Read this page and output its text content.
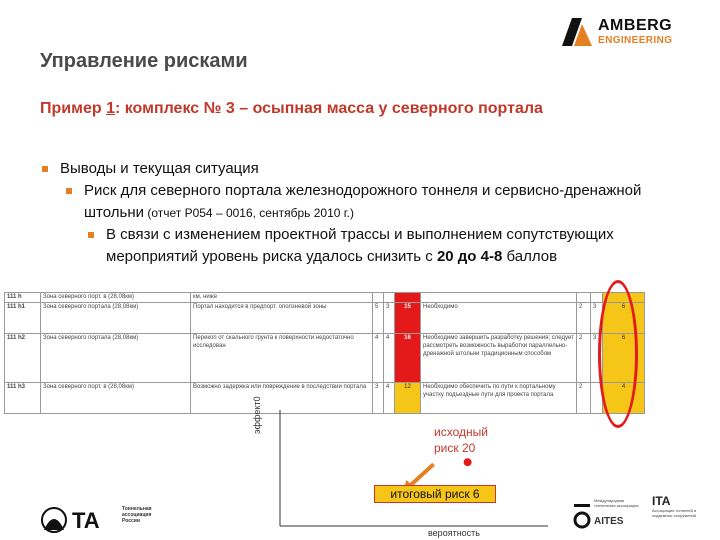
Управление рисками
Пример 1: комплекс № 3 – осыпная масса у северного портала
AMBERG
ENGINEERING
Выводы и текущая ситуация
Риск для северного портала железнодорожного тоннеля и сервисно-дренажной штольни (отчет P054 – 0016, сентябрь 2010 г.)
В связи с изменением проектной трассы и выполнением сопутствующих мероприятий уровень риска удалось снизить с 20 до 4-8 баллов
111 h	Зона северного порт. в (28,08км)	км, ниже							
111 h1	Зона северного портала (28,08км)	Портал находится в предпорт. оползневой зоны	5	3	15	Необходимо	2	3	6
111 h2	Зона северного портала (28,08км)	Перекоп от скального грунта к поверхности недостаточно исследован	4	4	16	Необходимо завершить разработку решения; следует рассмотреть возможность выработки параллельно-дренажной штольни традиционным способом	2	3	6
111 h3	Зона северного порт. в (28,08км)	Возможно задержка или повреждение в последствии портала	3	4	12	Необходимо обеспечить по пути к портальному участку подъездные пути для проекта портала	2		4
эффект0
вероятность
исходный
риск 20
итоговый риск 6
TA	Тоннельная ассоциация России
Международная тоннельная ассоциация
AITES
ITA
Ассоциация тоннелей и подземных сооружений
